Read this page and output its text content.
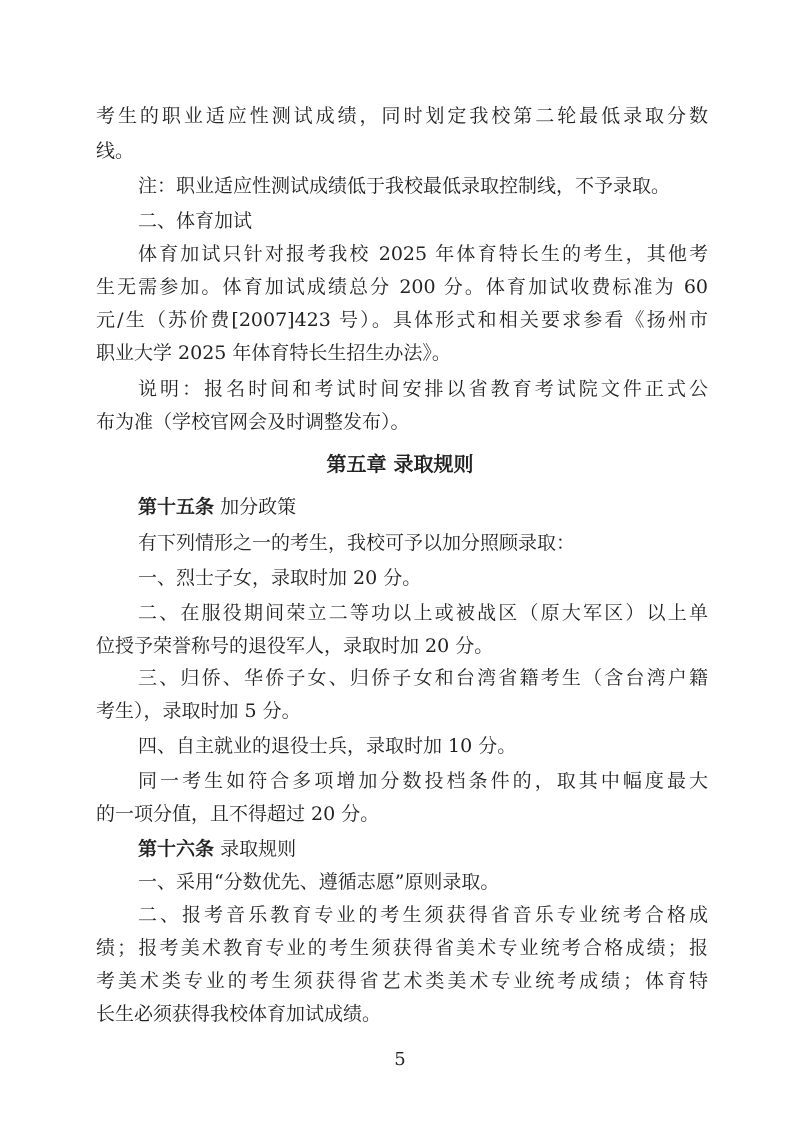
考生的职业适应性测试成绩，同时划定我校第二轮最低录取分数
线。
注：职业适应性测试成绩低于我校最低录取控制线，不予录取。
二、体育加试
体育加试只针对报考我校 2025 年体育特长生的考生，其他考
生无需参加。体育加试成绩总分 200 分。体育加试收费标准为 60
元/生（苏价费[2007]423 号）。具体形式和相关要求参看《扬州市
职业大学 2025 年体育特长生招生办法》。
说明：报名时间和考试时间安排以省教育考试院文件正式公
布为准（学校官网会及时调整发布）。
第五章 录取规则
第十五条 加分政策
有下列情形之一的考生，我校可予以加分照顾录取：
一、烈士子女，录取时加 20 分。
二、在服役期间荣立二等功以上或被战区（原大军区）以上单
位授予荣誉称号的退役军人，录取时加 20 分。
三、归侨、华侨子女、归侨子女和台湾省籍考生（含台湾户籍
考生），录取时加 5 分。
四、自主就业的退役士兵，录取时加 10 分。
同一考生如符合多项增加分数投档条件的，取其中幅度最大
的一项分值，且不得超过 20 分。
第十六条 录取规则
一、采用“分数优先、遵循志愿”原则录取。
二、报考音乐教育专业的考生须获得省音乐专业统考合格成
绩；报考美术教育专业的考生须获得省美术专业统考合格成绩；报
考美术类专业的考生须获得省艺术类美术专业统考成绩；体育特
长生必须获得我校体育加试成绩。
5
